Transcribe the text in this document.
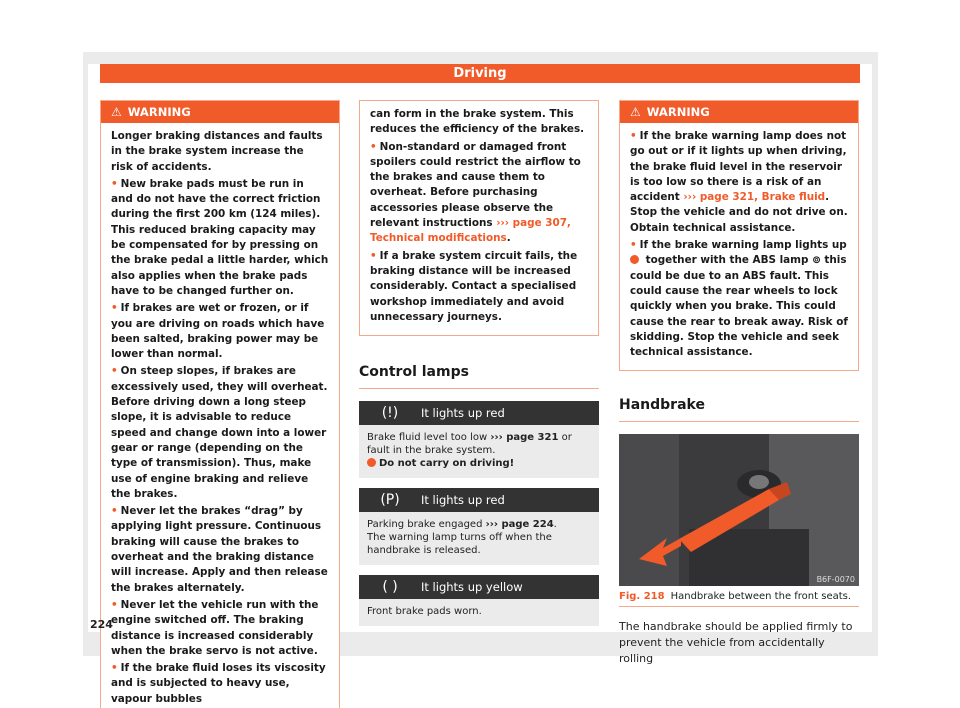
Driving
⚠ WARNING

Longer braking distances and faults in the brake system increase the risk of accidents.

• New brake pads must be run in and do not have the correct friction during the first 200 km (124 miles). This reduced braking capacity may be compensated for by pressing on the brake pedal a little harder, which also applies when the brake pads have to be changed further on.

• If brakes are wet or frozen, or if you are driving on roads which have been salted, braking power may be lower than normal.

• On steep slopes, if brakes are excessively used, they will overheat. Before driving down a long steep slope, it is advisable to reduce speed and change down into a lower gear or range (depending on the type of transmission). Thus, make use of engine braking and relieve the brakes.

• Never let the brakes “drag” by applying light pressure. Continuous braking will cause the brakes to overheat and the braking distance will increase. Apply and then release the brakes alternately.

• Never let the vehicle run with the engine switched off. The braking distance is increased considerably when the brake servo is not active.

• If the brake fluid loses its viscosity and is subjected to heavy use, vapour bubbles

can form in the brake system. This reduces the efficiency of the brakes.

• Non-standard or damaged front spoilers could restrict the airflow to the brakes and cause them to overheat. Before purchasing accessories please observe the relevant instructions ››› page 307, Technical modifications.

• If a brake system circuit fails, the braking distance will be increased considerably. Contact a specialised workshop immediately and avoid unnecessary journeys.

Control lamps
(!)	It lights up red
Brake fluid level too low ››› page 321 or fault in the brake system.
Do not carry on driving!
(P)	It lights up red
Parking brake engaged ››› page 224.
The warning lamp turns off when the handbrake is released.
( )	It lights up yellow
Front brake pads worn.
⚠ WARNING

• If the brake warning lamp does not go out or if it lights up when driving, the brake fluid level in the reservoir is too low so there is a risk of an accident ››› page 321, Brake fluid. Stop the vehicle and do not drive on. Obtain technical assistance.

• If the brake warning lamp lights up  together with the ABS lamp ⊚ this could be due to an ABS fault. This could cause the rear wheels to lock quickly when you brake. This could cause the rear to break away. Risk of skidding. Stop the vehicle and seek technical assistance.

Handbrake
B6F-0070
Fig. 218 Handbrake between the front seats.
The handbrake should be applied firmly to prevent the vehicle from accidentally rolling
224
